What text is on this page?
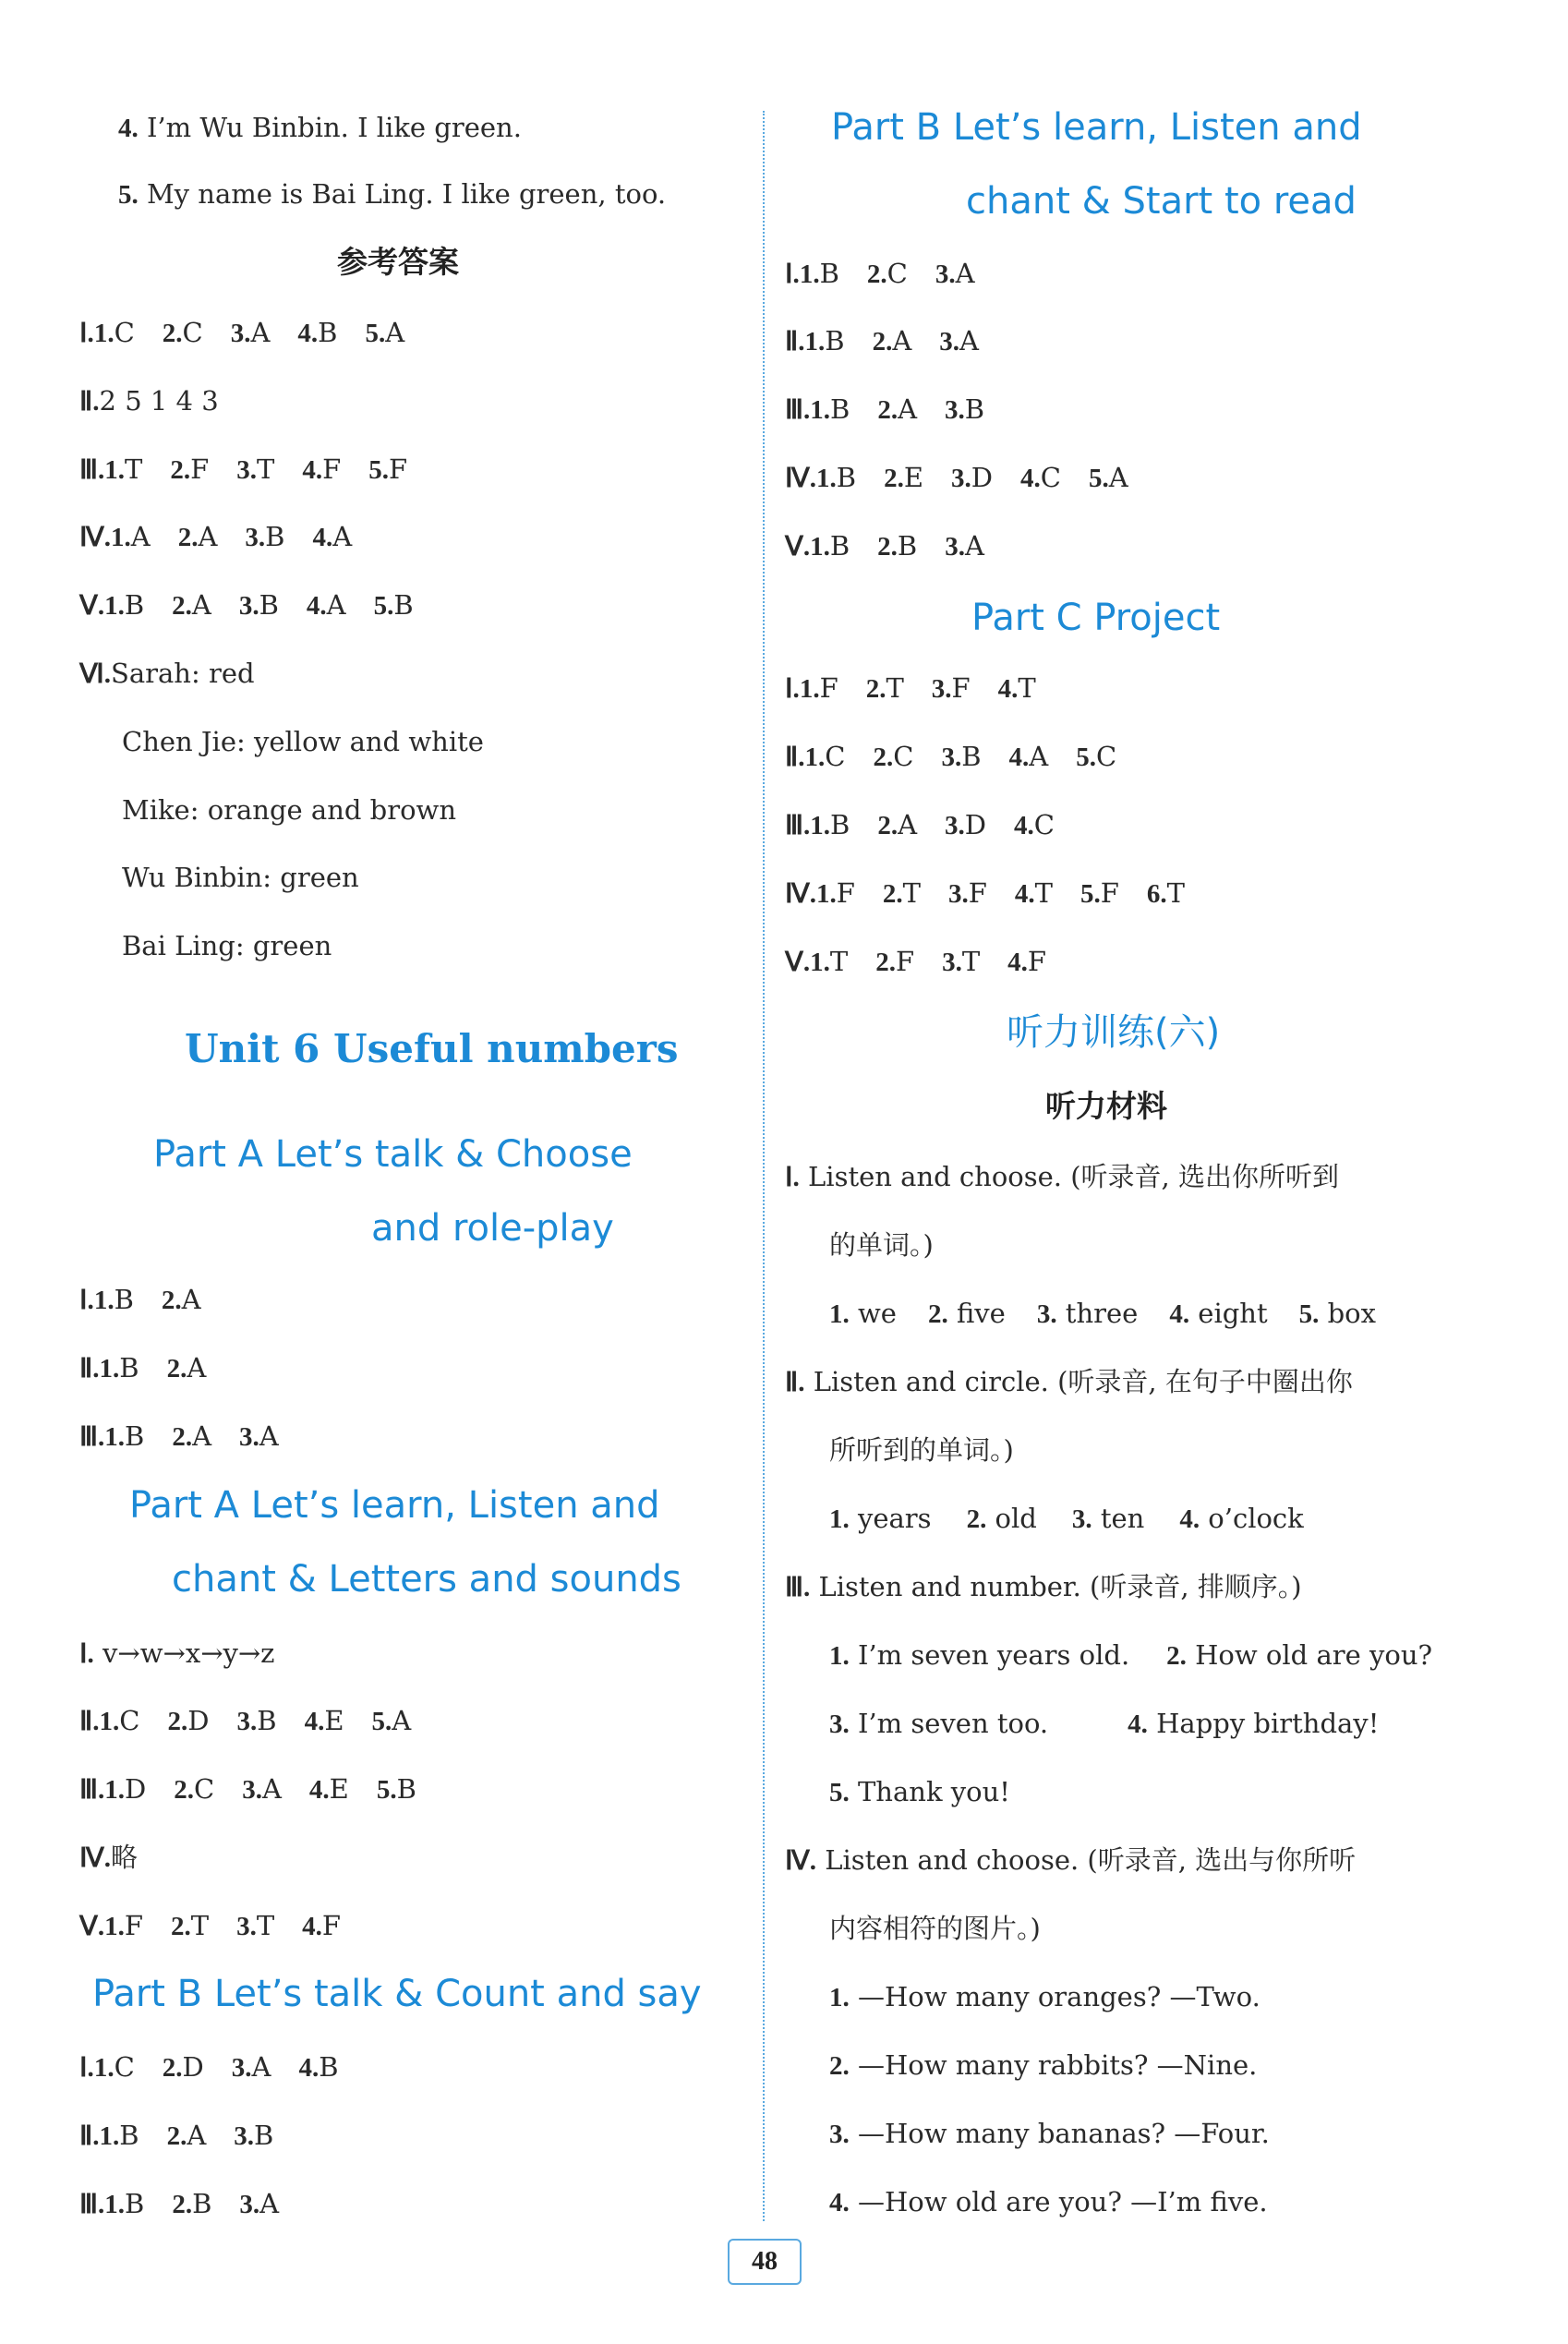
4. I’m Wu Binbin. I like green.
5. My name is Bai Ling. I like green, too.
参考答案
Ⅰ.1.C 2.C 3.A 4.B 5.A
Ⅱ.2 5 1 4 3
Ⅲ.1.T 2.F 3.T 4.F 5.F
Ⅳ.1.A 2.A 3.B 4.A
Ⅴ.1.B 2.A 3.B 4.A 5.B
Ⅵ.Sarah: red
Chen Jie: yellow and white
Mike: orange and brown
Wu Binbin: green
Bai Ling: green
Unit 6 Useful numbers
Part A Let’s talk & Choose
and role-play
Ⅰ.1.B 2.A
Ⅱ.1.B 2.A
Ⅲ.1.B 2.A 3.A
Part A Let’s learn, Listen and
chant & Letters and sounds
Ⅰ. v→w→x→y→z
Ⅱ.1.C 2.D 3.B 4.E 5.A
Ⅲ.1.D 2.C 3.A 4.E 5.B
Ⅳ.略
Ⅴ.1.F 2.T 3.T 4.F
Part B Let’s talk & Count and say
Ⅰ.1.C 2.D 3.A 4.B
Ⅱ.1.B 2.A 3.B
Ⅲ.1.B 2.B 3.A
Part B Let’s learn, Listen and
chant & Start to read
Ⅰ.1.B 2.C 3.A
Ⅱ.1.B 2.A 3.A
Ⅲ.1.B 2.A 3.B
Ⅳ.1.B 2.E 3.D 4.C 5.A
Ⅴ.1.B 2.B 3.A
Part C Project
Ⅰ.1.F 2.T 3.F 4.T
Ⅱ.1.C 2.C 3.B 4.A 5.C
Ⅲ.1.B 2.A 3.D 4.C
Ⅳ.1.F 2.T 3.F 4.T 5.F 6.T
Ⅴ.1.T 2.F 3.T 4.F
听力训练(六)
听力材料
Ⅰ. Listen and choose. (听录音, 选出你所听到
的单词。)
1. we 2. five 3. three 4. eight 5. box
Ⅱ. Listen and circle. (听录音, 在句子中圈出你
所听到的单词。)
1. years 2. old 3. ten 4. o’clock
Ⅲ. Listen and number. (听录音, 排顺序。)
1. I’m seven years old. 2. How old are you?
3. I’m seven too.	4. Happy birthday!
5. Thank you!
Ⅳ. Listen and choose. (听录音, 选出与你所听
内容相符的图片。)
1. —How many oranges? —Two.
2. —How many rabbits? —Nine.
3. —How many bananas? —Four.
4. —How old are you? —I’m five.
48
